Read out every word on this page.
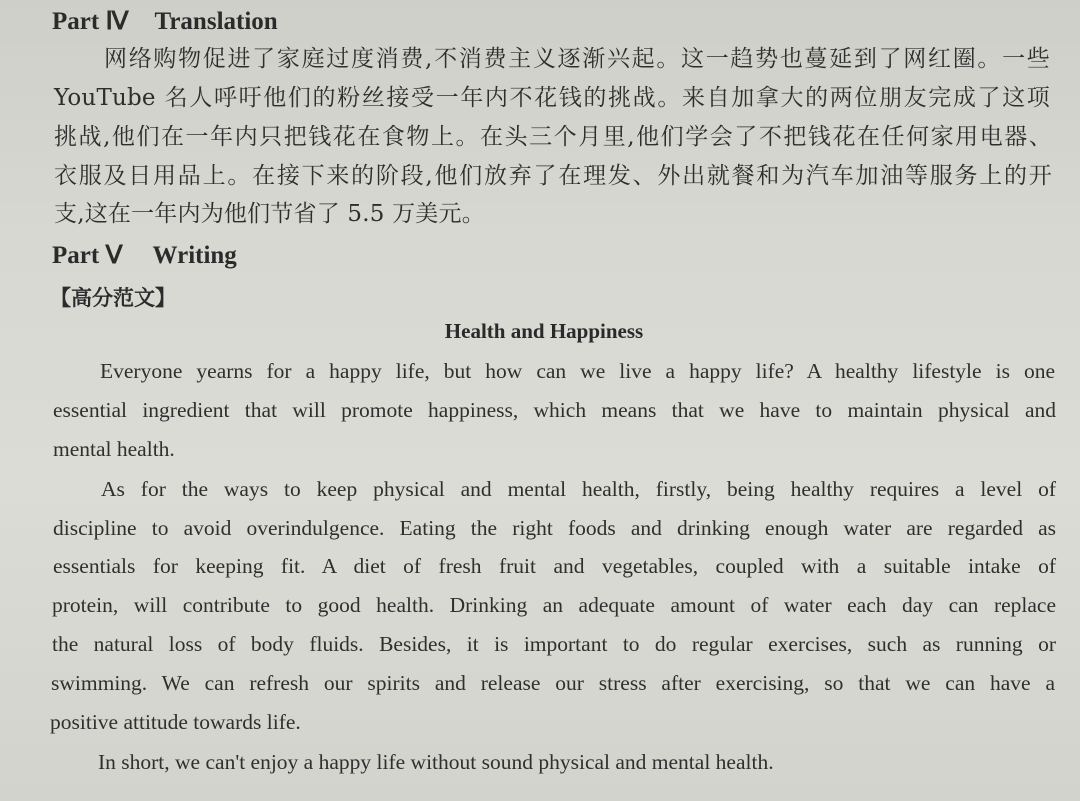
Part Ⅳ Translation
网络购物促进了家庭过度消费,不消费主义逐渐兴起。这一趋势也蔓延到了网红圈。一些
YouTube 名人呼吁他们的粉丝接受一年内不花钱的挑战。来自加拿大的两位朋友完成了这项
挑战,他们在一年内只把钱花在食物上。在头三个月里,他们学会了不把钱花在任何家用电器、
衣服及日用品上。在接下来的阶段,他们放弃了在理发、外出就餐和为汽车加油等服务上的开
支,这在一年内为他们节省了 5.5 万美元。
Part Ⅴ Writing
【高分范文】
Health and Happiness
Everyone yearns for a happy life, but how can we live a happy life? A healthy lifestyle is one
essential ingredient that will promote happiness, which means that we have to maintain physical and
mental health.
As for the ways to keep physical and mental health, firstly, being healthy requires a level of
discipline to avoid overindulgence. Eating the right foods and drinking enough water are regarded as
essentials for keeping fit. A diet of fresh fruit and vegetables, coupled with a suitable intake of
protein, will contribute to good health. Drinking an adequate amount of water each day can replace
the natural loss of body fluids. Besides, it is important to do regular exercises, such as running or
swimming. We can refresh our spirits and release our stress after exercising, so that we can have a
positive attitude towards life.
In short, we can't enjoy a happy life without sound physical and mental health.
